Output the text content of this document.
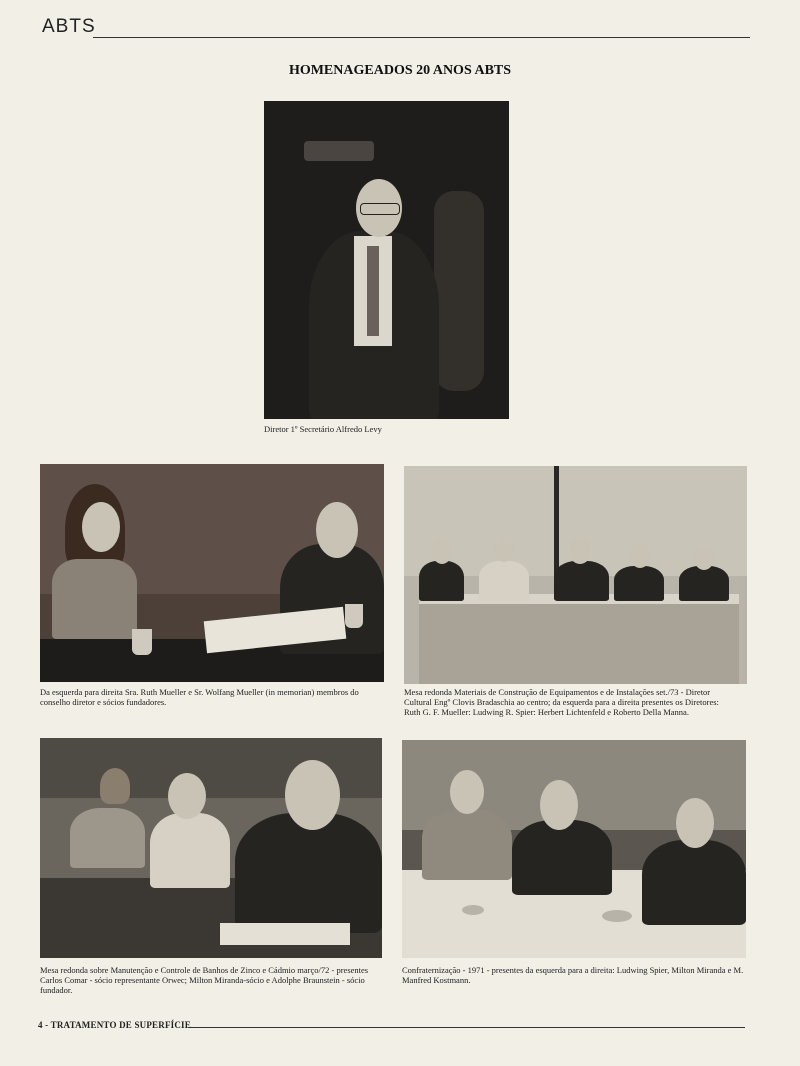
ABTS
HOMENAGEADOS 20 ANOS ABTS
Diretor 1º Secretário Alfredo Levy
Da esquerda para direita Sra. Ruth Mueller e Sr. Wolfang Mueller (in memorian) membros do conselho diretor e sócios fundadores.
Mesa redonda Materiais de Construção de Equipamentos e de Instalações set./73 - Diretor Cultural Engº Clovis Bradaschia ao centro; da esquerda para a direita presentes os Diretores: Ruth G. F. Mueller: Ludwing R. Spier: Herbert Lichtenfeld e Roberto Della Manna.
Mesa redonda sobre Manutenção e Controle de Banhos de Zinco e Cádmio março/72 - presentes Carlos Comar - sócio representante Orwec; Milton Miranda-sócio e Adolphe Braunstein - sócio fundador.
Confraternização - 1971 - presentes da esquerda para a direita: Ludwing Spier, Milton Miranda e M. Manfred Kostmann.
4 - TRATAMENTO DE SUPERFÍCIE
